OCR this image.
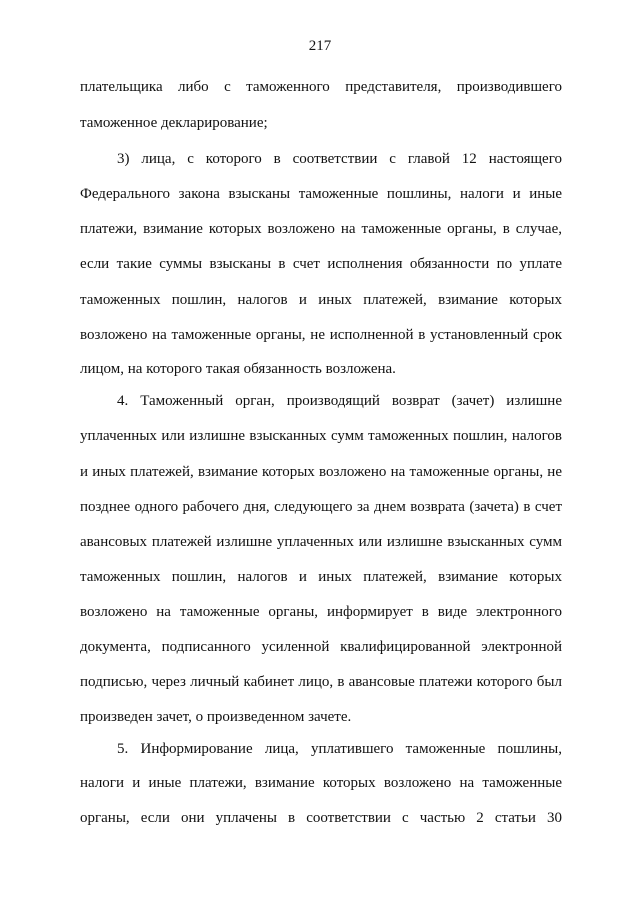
217
плательщика либо с таможенного представителя, производившего
таможенное декларирование;
3) лица, с которого в соответствии с главой 12 настоящего
Федерального закона взысканы таможенные пошлины, налоги и иные
платежи, взимание которых возложено на таможенные органы, в случае,
если такие суммы взысканы в счет исполнения обязанности по уплате
таможенных пошлин, налогов и иных платежей, взимание которых
возложено на таможенные органы, не исполненной в установленный срок
лицом, на которого такая обязанность возложена.
4. Таможенный орган, производящий возврат (зачет) излишне
уплаченных или излишне взысканных сумм таможенных пошлин, налогов
и иных платежей, взимание которых возложено на таможенные органы, не
позднее одного рабочего дня, следующего за днем возврата (зачета) в счет
авансовых платежей излишне уплаченных или излишне взысканных сумм
таможенных пошлин, налогов и иных платежей, взимание которых
возложено на таможенные органы, информирует в виде электронного
документа, подписанного усиленной квалифицированной электронной
подписью, через личный кабинет лицо, в авансовые платежи которого был
произведен зачет, о произведенном зачете.
5. Информирование лица, уплатившего таможенные пошлины,
налоги и иные платежи, взимание которых возложено на таможенные
органы, если они уплачены в соответствии с частью 2 статьи 30
